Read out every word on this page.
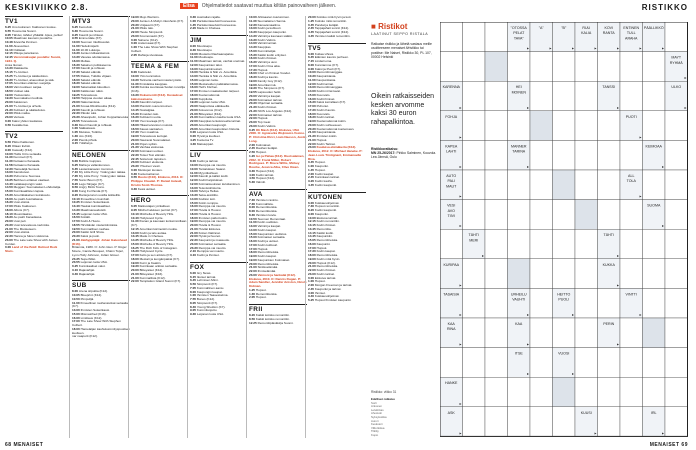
KESKIVIIKKO 2.8.	Elisa Ohjelmatiedot saatavat muuttua kiltiän painovaiheen jälkeen.	RISTIKKO
TV1
6.25 Uno koiranen: Kakkonen kuolee.
6.55 Huomenta Suomi.
9.05 Tähdet, tähdet ylhäällä: Apua, pelitet!
10.05 Maailman kaunein puutarha.
10.48 Ikivanha ihminen.
11.00 Alueuutiset.
11.10 Oddasat.
12.15 Pilkoja parantamo.
12.45 Veronmaksajan puolella: Suomi, 1944. Q.
Ansa Ikonen.
14.30 Rakkautta.
15.15 Tv-Uutiset.
15.25 Tv-Uutiset ja säätiedotus.
16.30 Tv-Uutiset, alueuutiset ja sää.
17.05 Amerikan eläinten suojelija.
18.00 Vain kuolleen sarjaa.
18.50 Uutiset sää.
19.00 Ylekuuntelu.
19.30 Suomalainen kodista.
20.00 Kakkonen.
21.00 Tv-Uutiset ja urheilu.
21.30 Kulttuuri ja säätiedotus.
22.00 Pitkä matka.
23.00 Vertaus.
0.00 Kaksi yhden kaulassa.
0.50 Kesäkiertue.
TV2
6.50 Pikku Kakkonen.
8.20 Ollaan tiiviisti.
9.00 Casually (K12).
10.00 Hollis Citro seriaalia.
11.30 Kummeli (K7).
11.30 Kuttaamo fiaroaala.
11.58 Kuttaamo fiaroaala.
12.30 Hamelaljä Sensesi.
13.00 Kansikuvat.
13.30 Puhumme Suomea.
13.35 Bethiven erilaiset vaatteet.
14.40 Laitakaupungin valot.
14.50 Meggan: Suomalaiset Lohduttelija.
15.00 Kuninkaallisten lapsia.
15.30 Amerikkalainen koirakoulu.
16.00 Au pairit Australiassa.
16.30 Uusi elämä.
17.00 Pikku Kakkonen.
18.00 Alfons (K7).
18.10 Muumilaakso.
18.30 Au pairit Kanadassa.
20.00 Uusi peli.
20.30 Uusi tulevaisuus-ravintola.
21.00 The Musketeers.
22.00 Uusi elämä.
22.30 Hanna ja hänen siskonsa.
23.00 The Late Late Show with James Corden.
0.00 Land of the Bold: Retired Rock Stars.
MTV3
6.25 Kemuboli.
6.30 Huomenta Suomi.
9.25 Kauniit ja rohkeat.
9.55 Emmerdale (K7).
10.00 Suomen rikollisuudet.
11.00 Hedelmäpelit.
11.00 10.00 Lukkoja.
13.30 Jamien kitlaanikeinot.
14.30 Vauvaa odottamassa.
16.00 Mollaa.
16.30 Salainen poliisiasema.
17.00 Kauniit ja rohkeat.
17.30 Salatut elämät.
17.55 Rakas, Tutkittu vitjaan.
18.00 Salatut elämät.
18.30 Salatut elämät.
19.00 Salamatkat Akuuttien.
19.00 Kalkkunan näkö.
19.25 Tulevaisuus.
19.50 Helppoa vuoden aikaa.
20.00 Nakumanissa.
21.00 Kovaa Rikollisuutta (K12).
22.00 Kauniit ja rohkeat.
22.30 Päivän sää.
23.30 Ahaanpelin, Johan Kopparlanetuta.
23.55 Tulevaisuus.
0.30 Mouri Kauniit ja rohkeat.
1.00 Sääkatsaus.
1.05 Mukava, Tutkittu.
1.30 Jos (K16).
2.00 Pieniä pihviä.
3.15 Yölähetys.
NELONEN
6.00 Bubble Guppies.
6.25 Maha ja vallankumous.
6.45 Lastenkanavan mummot.
7.10 My Little Pony: Ystävyyden taikaa.
7.35 My Little Pony: Ystävyyden taikaa.
7.55 Sonic Boom (K7).
8.20 Lego Ninjago (K7).
8.50 Angry Birds Toons.
9.00 Kung Fu Panda (K7).
9.20 Rantoja tarun uusilla leikkeillä.
10.10 Ihmeellinen Gumball.
10.35 Ihmisten Sokerikausi.
13.40 Haukat kuninkaalliset.
14.30 Maailmanauduistit.
15.45 Leijonan luola USA.
16.50 Kotiäiti.
17.50 Kodit & Huuto.
18.55 Hirvittävän mielenkiintoisia.
19.50 Kummallisen rauhaa.
20.00 Kaikki Grill Show.
20.30 Kaksi ja puoli.
21.00 Jäähyppääjä: Johan Gateshead (K16).
Britannia, 1980. O: John Glen. P: Roger Moore, Carole Bouquet, Chaim Topol, Lynn-Holly Johnson, Julian Glover.
23.35 Superhillet.
23.55 Leijonan luola USA.
0.25 Kuninkaaliset valot.
3.10 Rajavarlijat.
3.40 Rajavartijat.
SUB
8.00 Arena sitputtia (K12).
10.05 Blueprint (K12).
10.50 Pimpulljä.
11.00 Ihmeellinen rauhanaviivat seriaalia (K7).
13.00 Ihmisten Sokerikausi.
15.00 Mismatched (K16).
16.00 Limittaus (K12).
17.00 The Late Show With Stephen Colbert.
18.00 Hamelaljan kauhukummityspuolisen kuolleen.
nar naapurit (K12).
19.00 Mojo Warriors.
20.00 Jamien & Mollyn rikoshoito (K7).
20.30 Unijauurit (K7).
21.00 Pikku talo.
22.00 Heute Simpsonit.
23.00 Kosmonautit (K7).
0.00 Salvene (K12).
0.00 Anderssaat (K7).
1.00 The Late Show With Stephen Colbert.
2.05 Rahtoja sivutavaa.
TEEMA & FEM
8.00 Kadotetut.
10.00 Ylös kunnioitus.
10.30 Tarinoita vanhemmasta työstä.
11.30 Ihmislaista kauppaa.
12.30 Kuinka suurtavaa Sodan runoilija (K16).
13.30 Dokumentit (K12). Kuvaukset kaksiosaisena.
13.30 Kauniitin tarpeet.
14.00 Pianistin suurenmoinen.
14.45 Nostalgiaa.
15.30 Ihmeiden talo.
16.30 Kulttuurin uutta.
17.00 Ylen kuvaaja (K7).
18.00 Hitaat television muistot.
16.50 Kauas sankarien.
17.30 Ylen maailma.
19.00 Tulevaisuus kertojat.
20.00 Nauravat Suomalaiset.
21.00 Pojan sydän.
21.30 Vanhaa elokuvaa.
22.00 Kotimaan uutiset.
22.30 Toiset Tosi elämän.
22.45 Soita kuin lapsinen.
23.00 Kulttuuri elokuvia.
23.30 Yhteinen viesti.
0.00 Muistojen kuvaus.
0.30 Kuolemattomat.
0.55 Ruotsi (K16). Elokuva, 2013. O: Philippe Claudel. P: Daniel Auteuil, Kristin Scott-Thomas.
3.30 Kesä uutiset.
HERO
6.05 Matkustajan yönlaitteet.
9.05 Mitchell aluksen perintö (K7).
10.10 Mitchella of Beverly Hills.
10.40 Hollywood Cycle.
11.30 Ihanan ja kaunaan korkeimmillaan (K7).
12.15 Amerikan kärmeisiin ruokia.
13.00 Kodin ja talo auttaa.
13.45 Made in Chelsea.
14.35 Mitchella of Beverly Hills.
15.00 Mitchella of Beverly Hills.
16.25 The Rich Kids of Instagram.
16.30 Hollywood Cycle.
17.00 Kello ja sen arkisto (K7).
18.00 Mestari ja kengänpaikat (K7).
19.00 Kurni ja Kaatiin.
19.30 Kuninkaan arkisto seriaalia.
20.00 Bitteyaiset (K12).
21.00 Bitteyaiset (K16).
21.00 Kummallisia (K12).
22.00 Tamptation Island Suomi (K7).
0.30 Australian rajalla.
1.00 Pariskuntaselvät huoneessa.
1.45 Pariskuntaselvät huoneessa.
2.20 Made in Chelsea.
JIM
9.00 Muuttoapu.
9.30 Muuttoapu.
10.00 Muutettu Rauhaanapaluu.
11.00 Muuttoapu.
11.00 Maailman tarinat, vanhat unelmat.
12.00 Kaupunkien talot.
13.00 Kaupunkimestari.
13.00 Henkka & Niki vs. Amerikka.
14.00 Henkka & Niki vs. Amerikka.
15.00 Leijonan luola.
15.00 Mestareiden paikkailemassa.
16.00 Hell's Kitchen.
17.00 Ihmisen maatalouden tarpeet.
18.00 Kuolemattomat.
19.00 Kuppiloita.
19.30 Leijonan luola USA.
20.00 Naapurissa eläkkeellä.
20.00 Kokoomus (K12).
21.00 Bitteyaiset (K12).
21.00 Kummallinen kauha luola USA.
22.00 Kauppias lentokoneella tarinat.
23.00 Amerikan kaupungit.
23.00 Amerikan kaupunkien historia.
0.00 Leijonan luola USA.
0.00 Hyvät ja kuolleet.
4.25 Kuolema Tv.
4.30 Makuuppari.
LIV
8.00 Kodin ja tarinat.
10.00 Remppa vai muutto.
10.00 Tantaluksen Saaret.
11.00 Myyntikohteet.
12.00 Kauniit ja kalliot kodit.
12.00 Kodit harjoitukset.
12.00 Kotimaisuuksien kuluttaminen.
13.00 Televisiohistoria.
13.00 Talvit ja Hellas.
13.30 Seka-avioliitto.
14.00 Koditon koti.
15.00 Kotiin remppa.
16.00 Remppa vai muutto.
17.00 Huvila & Huussi.
18.00 Huvila & Huussi.
18.00 Ihmisten pallot kotiin.
19.00 Remppa vai muutto.
20.00 Huvila & Huussi.
21.00 Huvilat Elokuva.
21.00 Kotien Iltalinnat.
22.00 Hyvät ja huonot.
22.30 Kaupunki ja maaseutu.
23.00 Kotimaiset seriaalia.
23.30 Remppa vai muutto.
2.10 Remppa vai muutto.
3.10 Kodin ja ihmiset.
FOX
6.00 Gry News.
6.15 Ikuiset tarinat.
6.45 Lehmisen Mimi.
6.50 Simpsonit (K7).
7.05 Kummallinen aamu.
8.00 Kaupungin kaupat.
1.00 Ihmisten Taaseskelma.
7.55 Bones (K12).
8.05 Simpsonit (K7).
8.40 Young Sheldon (K7).
9.05 Kummitusjuttu.
9.30 Leijonan luola USA.
10.00 Ahtisaaren kuuluminen.
11.30 Suomalainen Sanna.
12.30 Kanavamaailma.
13.00 Kodin ja kulttuuri.
13.30 Kauppojen kaupunki.
14.30 Valmiit ja kaunaan säätiö.
13.30 Kodin Valmis.
14.00 Valmiit tarinat.
14.30 Kauppias.
15.00 Kummittelijat.
15.30 Kaikki kodin erityiset.
16.00 Kodin ihmiset.
16.30 Valmiit ja uusi.
17.00 Kodin Oma aika.
17.30 Hupsut.
18.00 Chef on Ihmiset Vuodet.
18.30 Kodit ja kaunis.
19.00 Family Guy (K12).
19.00 Amerikan isä.
19.30 The Simpsons (K7).
19.55 Lapsuuden hetki.
20.00 Valmiit ja kaupat.
20.00 Kotimaiset tarinat.
20.30 Ohjelmat seriaalia.
21.30 Kodin ihmiset.
21.30 NCIS Los Angeles (K12).
22.00 Kotimaiset tarinat.
22.00 Hupsut.
23.00 Top Gear.
23.00 Kodin Valmis.
0.25 Oli Mash (K12). Elokuva, USA 2008. O: Agnieszka Wojtowicz-Vosloo. P: Christina Ricci, Liam Neeson, Justin Long.
2.00 Kotimaiset.
2.45 Rauhan tietäjät.
2.50 Hupsut.
1.20 Iso ja Pahaa (K12). Ruotsalainen, 2002. O: Frank Miller, Robert Rodriguez. P: Bruce Willis, Mickey Rourke, Jessica Alba, Clive Owen.
3.30 Hupsut (K12).
4.00 Kodin tarinat.
4.50 Hupsut (K12).
5.30 Valmiit.
AVA
7.30 Ihmisten ravinto.
7.30 Kummallista.
8.00 Remonttireiska.
8.00 Remonttireiska.
8.30 Ihmisten kuvia.
10.50 Suomen Remontaat.
11.00 Kodin uudistus.
13.00 Valmiit ja kaupat.
14.00 Kodin kaupat.
15.00 Kaupunkien uudistus.
15.00 Kotimaiset seriaalia.
16.00 Kodit ja uutiset.
17.00 Kodin kulttuuri.
17.00 Hupsut.
18.00 Remonttireiska.
19.00 Kodin kaupat.
19.00 Kaupunkien Kotimaiset.
20.00 Remonttireiska.
21.00 Sinkkuelämää.
22.00 Ihmiselämää.
23.00 Vaimoni ja hankalat (K12). Elokuva, 2010. O: Dennis Dugan. P: Adam Sandler, Jennifer Aniston, Nicole Kidman.
1.25 Hupsut.
1.30 Remonttireiska.
2.05 Hupsut.
FRII
8.20 Kaikki kotisko remonttiin.
8.50 Kaikki kotisko remonttiin.
12.25 Remonttipäiväkirja Suomi.
20.00 Kotisko mitä hyvin ja koti.
1.25 Kotisko mitä remonttiin.
0.45 Pandat ja tietäjät.
2.45 Tappajahait sunnit (K12).
3.45 Tappajahait sunnit (K12).
4.45 Ihmisten kaikki remonttiin.
TV5
6.00 Kultaa vihreä.
6.45 Eläinten kaunis perheen.
7.15 Lindernoma.
8.00 Kunniamme (K7).
9.00 Kaksi ja Puoli (K7).
10.00 Remonttimanggaa.
10.30 Kaupunkiasta.
11.00 Kaupunkiasta.
12.00 Kodit tarinat.
13.00 Remonttimanggaa.
14.00 Kodit mirrat tavat.
15.00 Kuunvalo.
16.00 Kodit ihmiset.
16.30 Kaksi kerrallaan (K7).
17.00 Puhunut.
17.30 Kodin Kaunis.
18.00 Kuunvalo.
18.30 Kodin tarinat.
19.00 Kuolemattomat kotiin.
20.00 Kodin suhteeseen.
20.30 Kuolemattomat kuolemaan.
21.00 Kaupunkiasta.
21.30 Ihmisten kotiin.
21.00 Hupsut.
22.00 Kodin Tarinat.
23.00 Kuuluisa elämäkerta (K12). Elokuva, 2012. O: Michael Haneke. P: Jean-Louis Trintignant, Emmanuelle Riva.
0.45 Hupsut.
1.00 Kaupunki.
1.45 Hupsut.
2.00 Kodin kaupat.
2.45 Kuninkaan tarinat.
3.20 Kodin kauhu.
4.45 Kodin kaupunki.
KUTONEN
6.00 Kokkausohjelmat.
7.30 Hupsut remonttiin.
8.20 Kodin kaupunki.
9.00 Kaupunki.
10.00 Elokuva tarinat.
12.15 Kodin remonttiin.
13.15 Kodin ihmiset.
13.45 Remonttia.
14.15 Kaikki kodin.
14.45 Kaupunkiin.
15.05 Remonttireiska.
16.00 Kaupunki.
17.00 Hupsut.
17.30 Kodin kaupat.
18.00 Remonttireiska.
19.00 Kodin mitä hyvin.
20.00 Hupsut (K12).
21.00 Remonttireiska.
22.00 Kodin ihmiset.
23.00 Kodin tarinat.
0.00 Elokuva tarinat.
1.00 Hupsut.
2.00 Morgan Freeman ja tarinat.
2.45 Kaupunki ja tarinat.
3.00 Ihmiset.
3.40 Kokkausohjelmat.
5.25 Hupsut Ihmisten kaupunki.
68 MENAISET	MENAISET 69
■ Ristikot
LAATINUT SEPPO RISTALA
Ratkaise ristikko ja lähetä vastaus meille osoitteeseen menaiset.fi/ristikko tai postitse: Me Naiset, Ristikko 30, PL 107, 00002 Helsinki
Oikein ratkaisseiden kesken arvomme kaksi 30 euron rahapalkintoa.
Ristikkoratkaisu:
MN 25-26/2017: Pirkko Salminen, Kouvola. Lea Järnsä, Oulu
Ristikko: viikko 31
Edellisen ratkaisu
Sorti
Ankonen
Lelukirkas
Ahostuki
Nyksykoikka
Aurori
Keskutori
Villiorkidea
Tilkitty
Kopio
"OTOSSA
PELAT
TAVA"
▸
"A"
▸
"B"
▸
RUU
KALIA
▸
KOVI
RANTA
▸
ENTINEN
TULL
ARAHA
▸
PÄÄLLIKKÖ
▸
MAYT
RYHMÄ
▸
KARENNA
▸
HEI
MOINEN
▸
TANSSI
▸
ULKO
▸
FOHJA
▸
PUOTI
▸
KAPEA
LAHTI
▸
MANNER
TARINA
▸
KEIMOAA
▸
AUTO
PALI
MAUT
▸
ALL
TOLA
▸
VESI
AVO
TIIVI
▸
SUOMA
▸
TÄHTI
MERI
▸
TÄHTI
▸
KURIPAA
▸
KUKKA
▸
TASAISIA
▸
URHEILU
VAUHTI
▸
HEITTO
PUOLI
▸
VINTTI
▸
KAA
RINA
▸
KAA
▸
PERIN
▸
ITSE
▸
VUOSI
▸
HANKE
▸
ASK
▸
KUUSI
▸
IRL
▸
